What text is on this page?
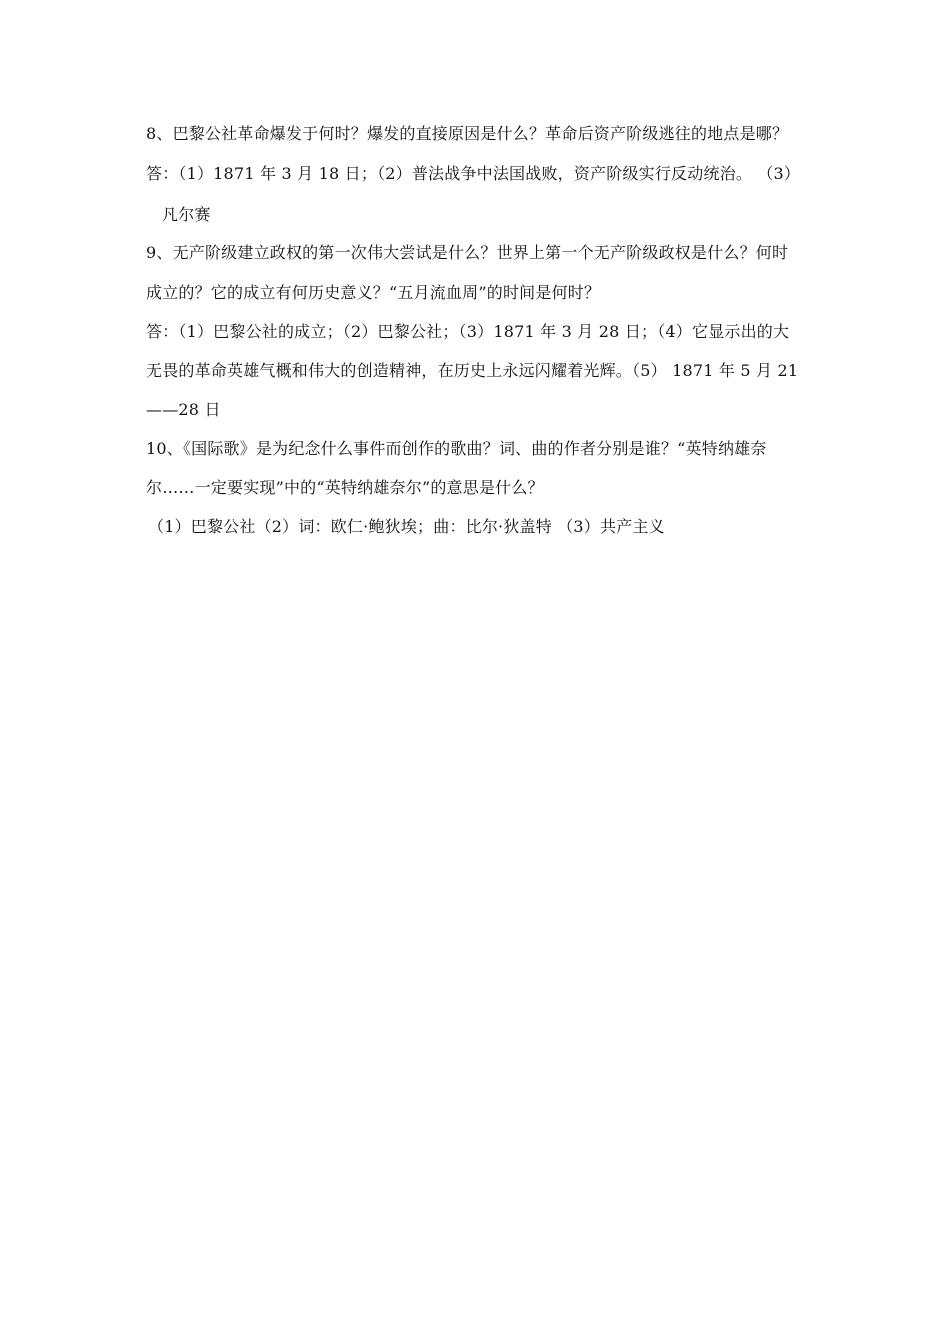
8、巴黎公社革命爆发于何时？爆发的直接原因是什么？革命后资产阶级逃往的地点是哪？
答：（1）1871 年 3 月 18 日；（2）普法战争中法国战败，资产阶级实行反动统治。 （3）
凡尔赛
9、无产阶级建立政权的第一次伟大尝试是什么？世界上第一个无产阶级政权是什么？何时
成立的？它的成立有何历史意义？“五月流血周”的时间是何时？
答：（1）巴黎公社的成立；（2）巴黎公社；（3）1871 年 3 月 28 日；（4）它显示出的大
无畏的革命英雄气概和伟大的创造精神，在历史上永远闪耀着光辉。（5） 1871 年 5 月 21
——28 日
10、《国际歌》是为纪念什么事件而创作的歌曲？词、曲的作者分别是谁？“英特纳雄奈
尔……一定要实现”中的“英特纳雄奈尔”的意思是什么？
（1）巴黎公社（2）词：欧仁·鲍狄埃；曲：比尔·狄盖特 （3）共产主义
